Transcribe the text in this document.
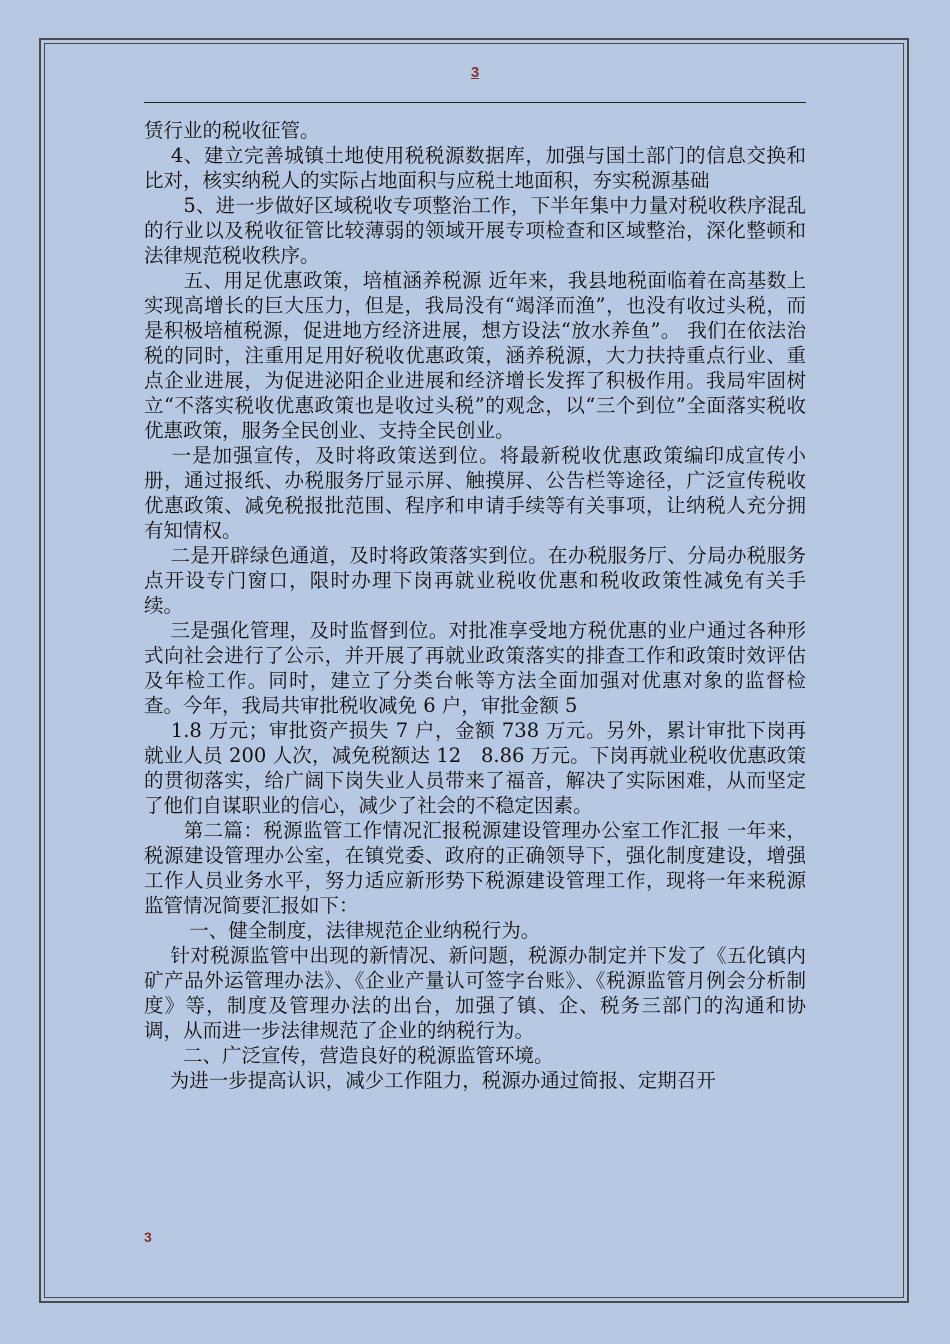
3

赁行业的税收征管。

　 4、建立完善城镇土地使用税税源数据库，加强与国土部门的信息交换和比对，核实纳税人的实际占地面积与应税土地面积，夯实税源基础

　　5、进一步做好区域税收专项整治工作，下半年集中力量对税收秩序混乱的行业以及税收征管比较薄弱的领域开展专项检查和区域整治，深化整顿和法律规范税收秩序。

　　五、用足优惠政策，培植涵养税源 近年来，我县地税面临着在高基数上实现高增长的巨大压力，但是，我局没有“竭泽而渔”，也没有收过头税，而是积极培植税源，促进地方经济进展，想方设法“放水养鱼”。 我们在依法治税的同时，注重用足用好税收优惠政策，涵养税源，大力扶持重点行业、重点企业进展，为促进泌阳企业进展和经济增长发挥了积极作用。我局牢固树立“不落实税收优惠政策也是收过头税”的观念，以“三个到位”全面落实税收优惠政策，服务全民创业、支持全民创业。

　 一是加强宣传，及时将政策送到位。将最新税收优惠政策编印成宣传小册，通过报纸、办税服务厅显示屏、触摸屏、公告栏等途径，广泛宣传税收优惠政策、减免税报批范围、程序和申请手续等有关事项，让纳税人充分拥有知情权。

　 二是开辟绿色通道，及时将政策落实到位。在办税服务厅、分局办税服务点开设专门窗口，限时办理下岗再就业税收优惠和税收政策性减免有关手续。

　 三是强化管理，及时监督到位。对批准享受地方税优惠的业户通过各种形式向社会进行了公示，并开展了再就业政策落实的排查工作和政策时效评估及年检工作。同时，建立了分类台帐等方法全面加强对优惠对象的监督检查。今年，我局共审批税收减免 6 户，审批金额 5

　 1.8 万元；审批资产损失 7 户，金额 738 万元。另外，累计审批下岗再就业人员 200 人次，减免税额达 12　8.86 万元。下岗再就业税收优惠政策的贯彻落实，给广阔下岗失业人员带来了福音，解决了实际困难，从而坚定了他们自谋职业的信心，减少了社会的不稳定因素。

　　第二篇：税源监管工作情况汇报税源建设管理办公室工作汇报 一年来，税源建设管理办公室，在镇党委、政府的正确领导下，强化制度建设，增强工作人员业务水平，努力适应新形势下税源建设管理工作，现将一年来税源监管情况简要汇报如下：

　　 一、健全制度，法律规范企业纳税行为。

　 针对税源监管中出现的新情况、新问题，税源办制定并下发了《五化镇内矿产品外运管理办法》、《企业产量认可签字台账》、《税源监管月例会分析制度》等，制度及管理办法的出台，加强了镇、企、税务三部门的沟通和协调，从而进一步法律规范了企业的纳税行为。

　　二、广泛宣传，营造良好的税源监管环境。

　 为进一步提高认识，减少工作阻力，税源办通过简报、定期召开

3
